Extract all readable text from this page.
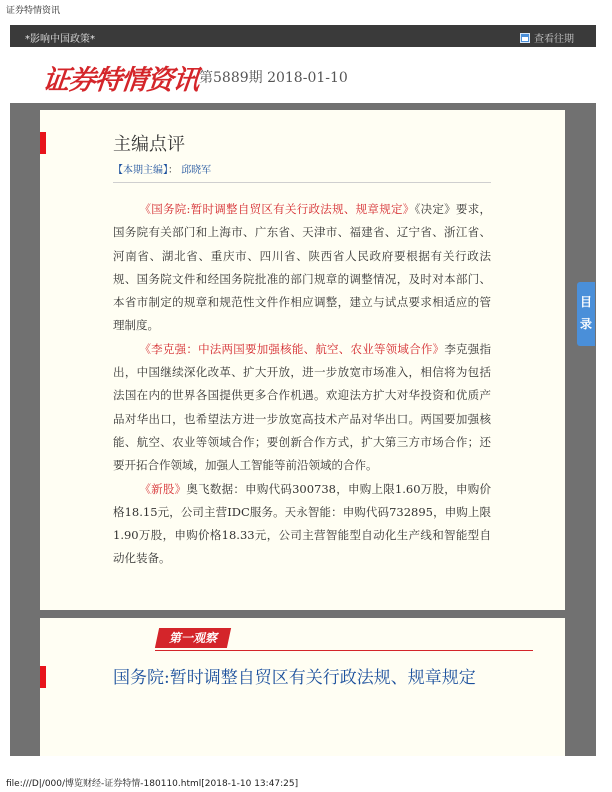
证券特情资讯
*影响中国政策*	查看往期
证券特情资讯
第5889期 2018-01-10
主编点评
【本期主编】： 邱晓军

《国务院:暂时调整自贸区有关行政法规、规章规定》《决定》要求，国务院有关部门和上海市、广东省、天津市、福建省、辽宁省、浙江省、河南省、湖北省、重庆市、四川省、陕西省人民政府要根据有关行政法规、国务院文件和经国务院批准的部门规章的调整情况，及时对本部门、本省市制定的规章和规范性文件作相应调整，建立与试点要求相适应的管理制度。

《李克强：中法两国要加强核能、航空、农业等领域合作》李克强指出，中国继续深化改革、扩大开放，进一步放宽市场准入，相信将为包括法国在内的世界各国提供更多合作机遇。欢迎法方扩大对华投资和优质产品对华出口，也希望法方进一步放宽高技术产品对华出口。两国要加强核能、航空、农业等领域合作；要创新合作方式，扩大第三方市场合作；还要开拓合作领域，加强人工智能等前沿领域的合作。

《新股》奥飞数据：申购代码300738，申购上限1.60万股，申购价格18.15元，公司主营IDC服务。天永智能：申购代码732895，申购上限1.90万股，申购价格18.33元，公司主营智能型自动化生产线和智能型自动化装备。

目录
第一观察
国务院:暂时调整自贸区有关行政法规、规章规定
file:///D|/000/博览财经-证券特情-180110.html[2018-1-10 13:47:25]
